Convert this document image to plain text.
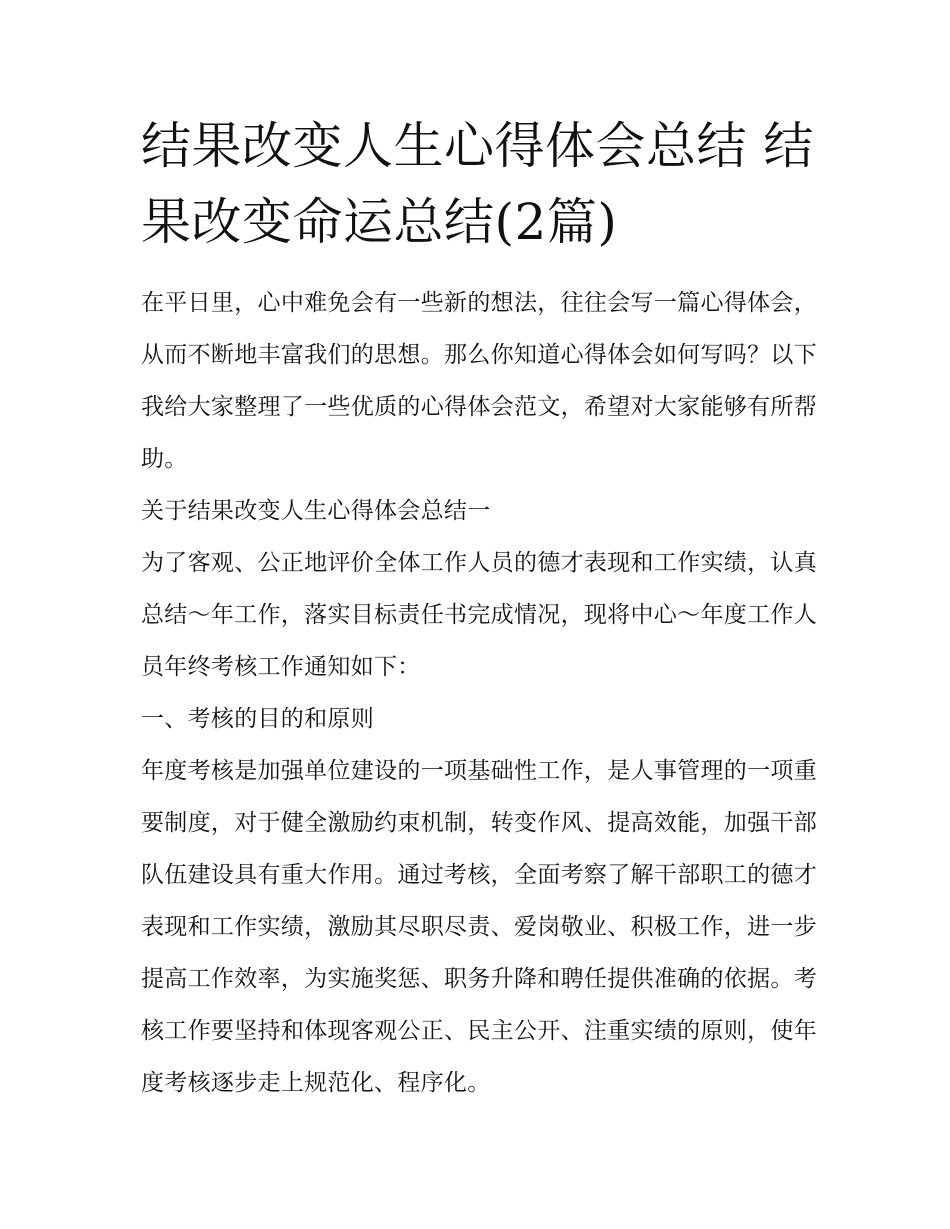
结果改变人生心得体会总结 结果改变命运总结(2篇)

在平日里，心中难免会有一些新的想法，往往会写一篇心得体会，从而不断地丰富我们的思想。那么你知道心得体会如何写吗？以下我给大家整理了一些优质的心得体会范文，希望对大家能够有所帮助。

关于结果改变人生心得体会总结一

为了客观、公正地评价全体工作人员的德才表现和工作实绩，认真总结～年工作，落实目标责任书完成情况，现将中心～年度工作人员年终考核工作通知如下：

一、考核的目的和原则

年度考核是加强单位建设的一项基础性工作，是人事管理的一项重要制度，对于健全激励约束机制，转变作风、提高效能，加强干部队伍建设具有重大作用。通过考核，全面考察了解干部职工的德才表现和工作实绩，激励其尽职尽责、爱岗敬业、积极工作，进一步提高工作效率，为实施奖惩、职务升降和聘任提供准确的依据。考核工作要坚持和体现客观公正、民主公开、注重实绩的原则，使年度考核逐步走上规范化、程序化。
